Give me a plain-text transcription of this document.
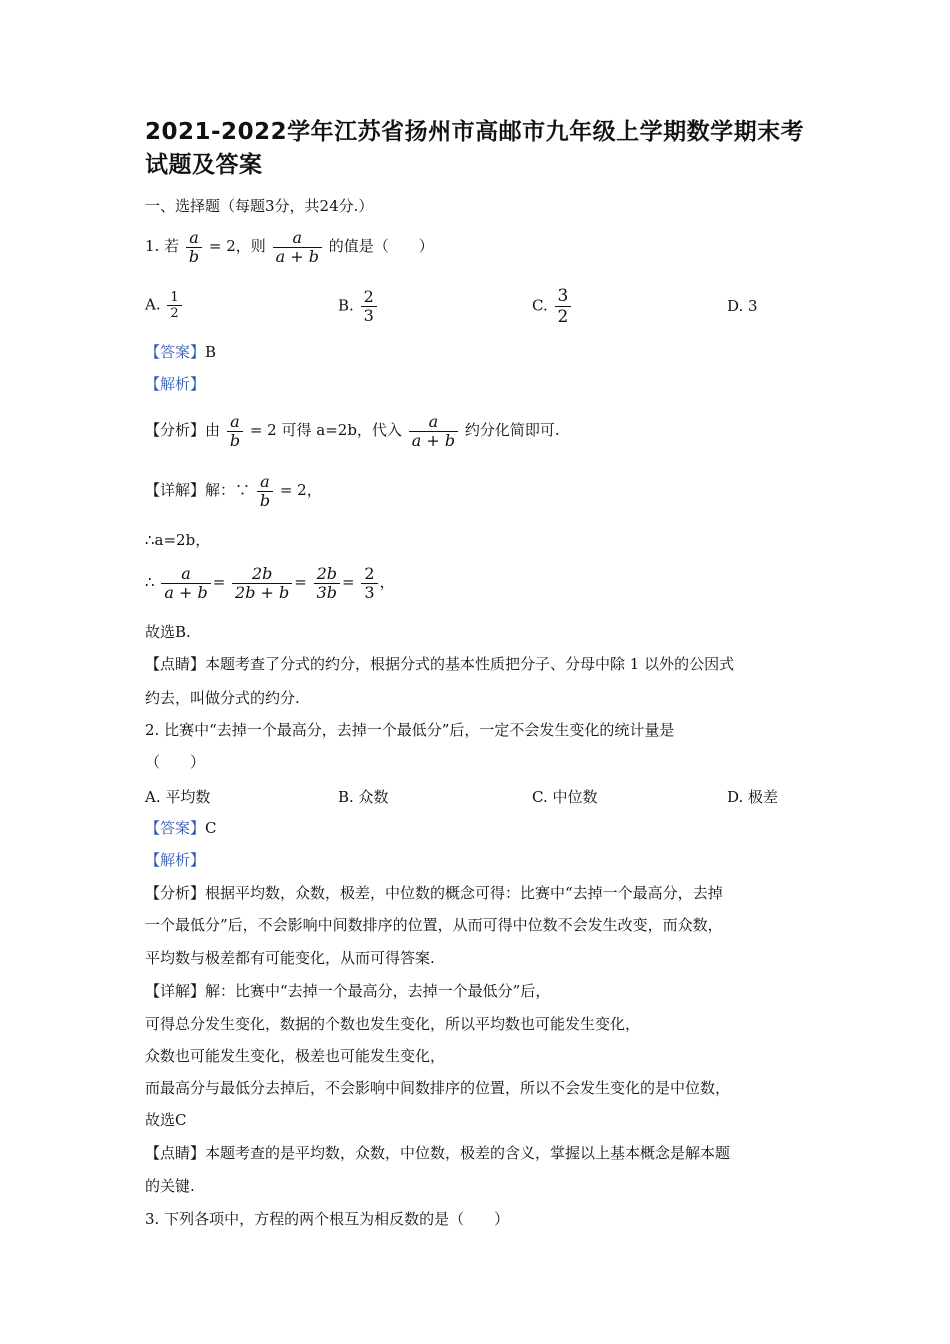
2021-2022学年江苏省扬州市高邮市九年级上学期数学期末考试题及答案
一、选择题（每题3分，共24分.）
1. 若 $\frac{a}{b} = 2$，则 $\frac{a}{a + b}$ 的值是（　　）
A. $\frac{1}{2}$	B. $\frac{2}{3}$	C. $\frac{3}{2}$	D. 3
【答案】B
【解析】
【分析】由 $\frac{a}{b} = 2$ 可得 a=2b，代入 $\frac{a}{a + b}$ 约分化简即可.
【详解】解：∵ $\frac{a}{b} = 2$，
∴a=2b，
∴ $\frac{a}{a + b} = \frac{2b}{2b + b} = \frac{2b}{3b} = \frac{2}{3}$ ，
故选B.
【点睛】本题考查了分式的约分，根据分式的基本性质把分子、分母中除 1 以外的公因式
约去，叫做分式的约分.
2. 比赛中“去掉一个最高分，去掉一个最低分”后，一定不会发生变化的统计量是
（　　）
A. 平均数	B. 众数	C. 中位数	D. 极差
【答案】C
【解析】
【分析】根据平均数，众数，极差，中位数的概念可得：比赛中“去掉一个最高分，去掉
一个最低分”后，不会影响中间数排序的位置，从而可得中位数不会发生改变，而众数，
平均数与极差都有可能变化，从而可得答案.
【详解】解：比赛中“去掉一个最高分，去掉一个最低分”后，
可得总分发生变化，数据的个数也发生变化，所以平均数也可能发生变化，
众数也可能发生变化，极差也可能发生变化，
而最高分与最低分去掉后，不会影响中间数排序的位置，所以不会发生变化的是中位数，
故选C
【点睛】本题考查的是平均数，众数，中位数，极差的含义，掌握以上基本概念是解本题
的关键.
3. 下列各项中，方程的两个根互为相反数的是（　　）
